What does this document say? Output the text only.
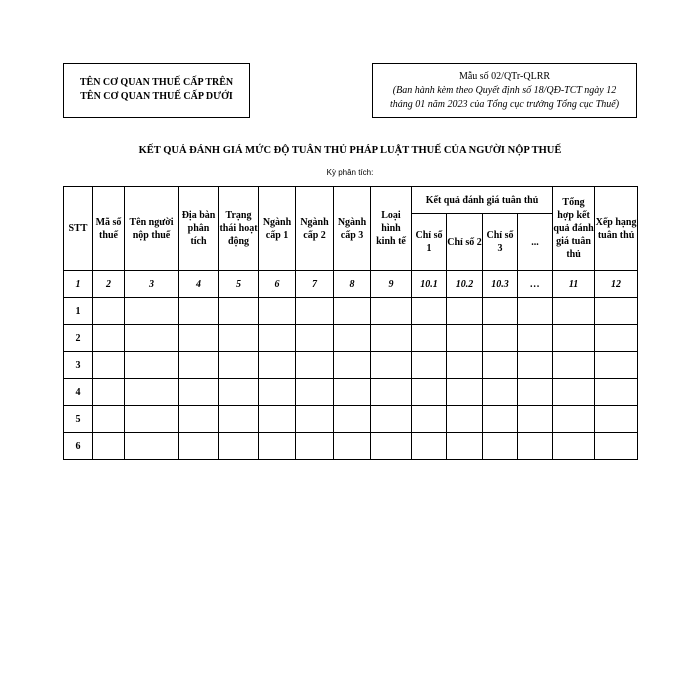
TÊN CƠ QUAN THUẾ CẤP TRÊN
TÊN CƠ QUAN THUẾ CẤP DƯỚI
Mẫu số 02/QTr-QLRR
(Ban hành kèm theo Quyết định số 18/QĐ-TCT ngày 12
tháng 01 năm 2023 của Tổng cục trưởng Tổng cục Thuế)
KẾT QUẢ ĐÁNH GIÁ MỨC ĐỘ TUÂN THỦ PHÁP LUẬT THUẾ CỦA NGƯỜI NỘP THUẾ
Kỳ phân tích:
STT	Mã số thuế	Tên người nộp thuế	Địa bàn phân tích	Trạng thái hoạt động	Ngành cấp 1	Ngành cấp 2	Ngành cấp 3	Loại hình kinh tế	Kết quả đánh giá tuân thủ				Tổng hợp kết quả đánh giá tuân thủ	Xếp hạng tuân thủ
									Chỉ số 1	Chỉ số 2	Chỉ số 3	...		
1	2	3	4	5	6	7	8	9	10.1	10.2	10.3	…	11	12
1														
2														
3														
4														
5														
6														
